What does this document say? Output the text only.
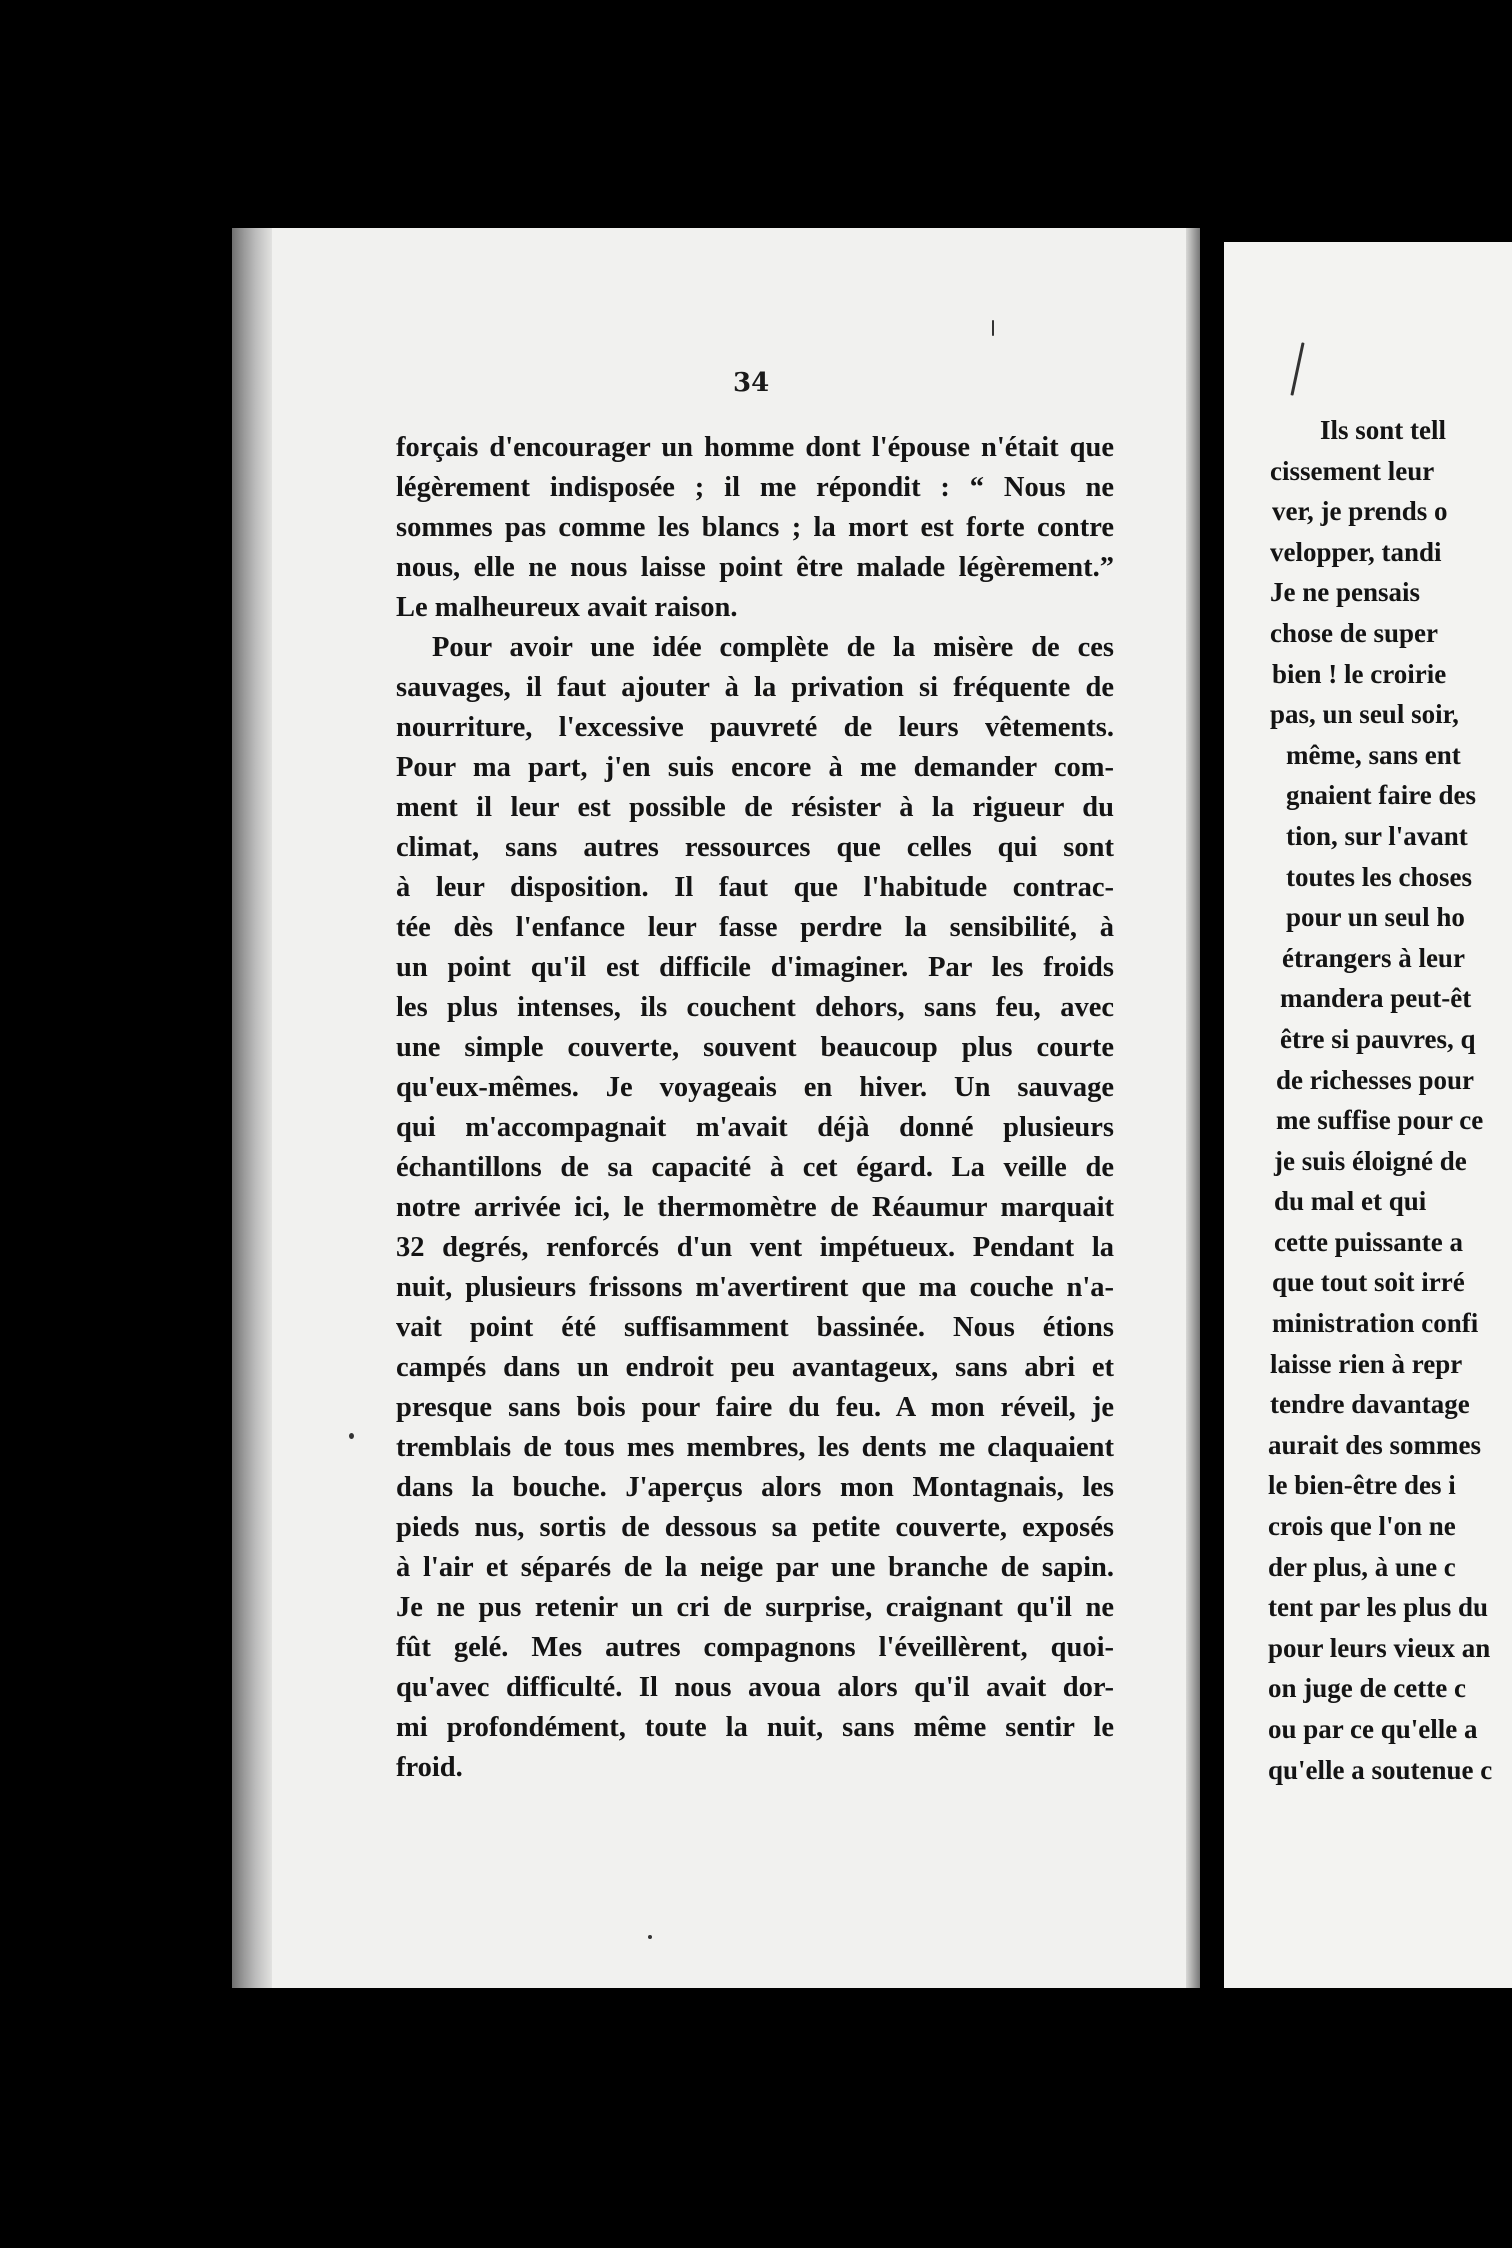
34

forçais d'encourager un homme dont l'épouse n'était que
légèrement indisposée ; il me répondit : “ Nous ne
sommes pas comme les blancs ; la mort est forte contre
nous, elle ne nous laisse point être malade légèrement.”
Le malheureux avait raison.
Pour avoir une idée complète de la misère de ces
sauvages, il faut ajouter à la privation si fréquente de
nourriture, l'excessive pauvreté de leurs vêtements.
Pour ma part, j'en suis encore à me demander com-
ment il leur est possible de résister à la rigueur du
climat, sans autres ressources que celles qui sont
à leur disposition. Il faut que l'habitude contrac-
tée dès l'enfance leur fasse perdre la sensibilité, à
un point qu'il est difficile d'imaginer. Par les froids
les plus intenses, ils couchent dehors, sans feu, avec
une simple couverte, souvent beaucoup plus courte
qu'eux-mêmes. Je voyageais en hiver. Un sauvage
qui m'accompagnait m'avait déjà donné plusieurs
échantillons de sa capacité à cet égard. La veille de
notre arrivée ici, le thermomètre de Réaumur marquait
32 degrés, renforcés d'un vent impétueux. Pendant la
nuit, plusieurs frissons m'avertirent que ma couche n'a-
vait point été suffisamment bassinée. Nous étions
campés dans un endroit peu avantageux, sans abri et
presque sans bois pour faire du feu. A mon réveil, je
tremblais de tous mes membres, les dents me claquaient
dans la bouche. J'aperçus alors mon Montagnais, les
pieds nus, sortis de dessous sa petite couverte, exposés
à l'air et séparés de la neige par une branche de sapin.
Je ne pus retenir un cri de surprise, craignant qu'il ne
fût gelé. Mes autres compagnons l'éveillèrent, quoi-
qu'avec difficulté. Il nous avoua alors qu'il avait dor-
mi profondément, toute la nuit, sans même sentir le
froid.
Ils sont tell
cissement leur
ver, je prends o
velopper, tandi
Je ne pensais
chose de super
bien ! le croirie
pas, un seul soir,
même, sans ent
gnaient faire des
tion, sur l'avant
toutes les choses
pour un seul ho
étrangers à leur
mandera peut-êt
être si pauvres, q
de richesses pour
me suffise pour ce
je suis éloigné de
du mal et qui
cette puissante a
que tout soit irré
ministration confi
laisse rien à repr
tendre davantage
aurait des sommes
le bien-être des i
crois que l'on ne
der plus, à une c
tent par les plus du
pour leurs vieux an
on juge de cette c
ou par ce qu'elle a
qu'elle a soutenue c
